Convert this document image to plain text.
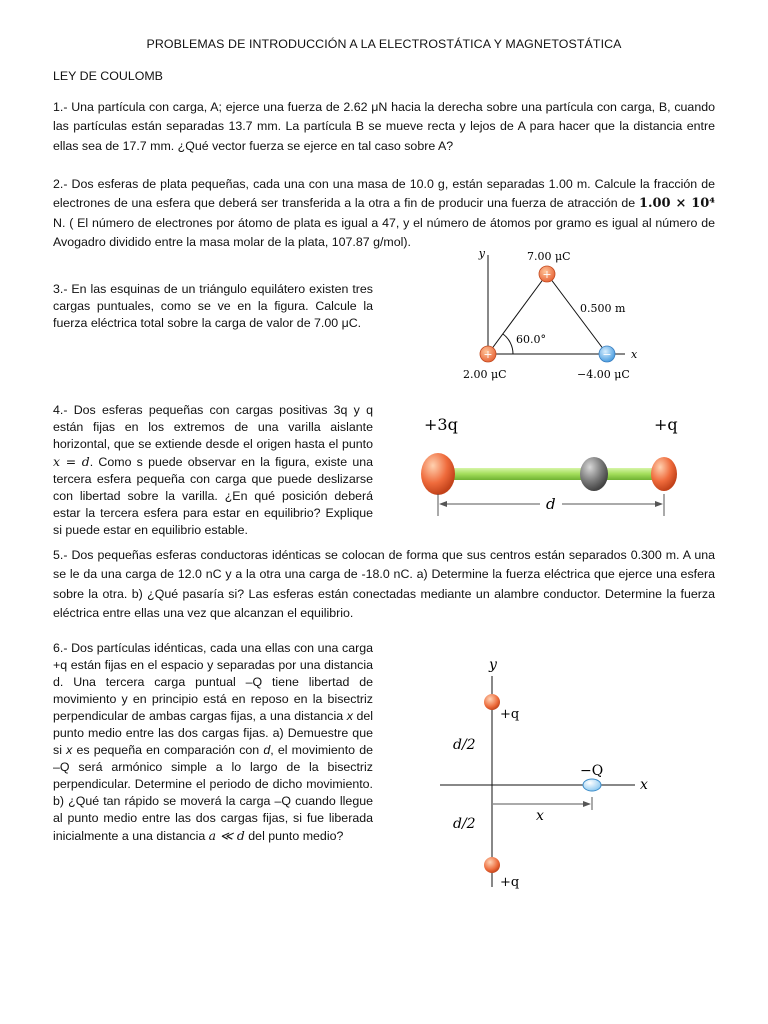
PROBLEMAS DE INTRODUCCIÓN A LA ELECTROSTÁTICA Y MAGNETOSTÁTICA
LEY DE COULOMB
1.- Una partícula con carga, A; ejerce una fuerza de 2.62 μN hacia la derecha sobre una partícula con carga, B, cuando las partículas están separadas 13.7 mm. La partícula B se mueve recta y lejos de A para hacer que la distancia entre ellas sea de 17.7 mm. ¿Qué vector fuerza se ejerce en tal caso sobre A?
2.- Dos esferas de plata pequeñas, cada una con una masa de 10.0 g, están separadas 1.00 m. Calcule la fracción de electrones de una esfera que deberá ser transferida a la otra a fin de producir una fuerza de atracción de 1.00 × 10⁴ N. ( El número de electrones por átomo de plata es igual a 47, y el número de átomos por gramo es igual al número de Avogadro dividido entre la masa molar de la plata, 107.87 g/mol).
3.- En las esquinas de un triángulo equilátero existen tres cargas puntuales, como se ve en la figura. Calcule la fuerza eléctrica total sobre la carga de valor de 7.00 μC.
+
+	−
y
x
7.00 μC
0.500 m
60.0°
2.00 μC	−4.00 μC
4.- Dos esferas pequeñas con cargas positivas 3q y q están fijas en los extremos de una varilla aislante horizontal, que se extiende desde el origen hasta el punto x = d. Como s puede observar en la figura, existe una tercera esfera pequeña con carga que puede deslizarse con libertad sobre la varilla. ¿En qué posición deberá estar la tercera esfera para estar en equilibrio? Explique si puede estar en equilibrio estable.
+3q	+q
d
5.- Dos pequeñas esferas conductoras idénticas se colocan de forma que sus centros están separados 0.300 m. A una se le da una carga de 12.0 nC y a la otra una carga de -18.0 nC. a) Determine la fuerza eléctrica que ejerce una esfera sobre la otra. b) ¿Qué pasaría si? Las esferas están conectadas mediante un alambre conductor. Determine la fuerza eléctrica entre ellas una vez que alcanzan el equilibrio.
6.- Dos partículas idénticas, cada una ellas con una carga +q están fijas en el espacio y separadas por una distancia d. Una tercera carga puntual –Q tiene libertad de movimiento y en principio está en reposo en la bisectriz perpendicular de ambas cargas fijas, a una distancia x del punto medio entre las dos cargas fijas. a) Demuestre que si x es pequeña en comparación con d, el movimiento de –Q será armónico simple a lo largo de la bisectriz perpendicular. Determine el periodo de dicho movimiento. b) ¿Qué tan rápido se moverá la carga –Q cuando llegue al punto medio entre las dos cargas fijas, si fue liberada inicialmente a una distancia a ≪ d del punto medio?
y
x
+q
+q
d/2
d/2
−Q
x
